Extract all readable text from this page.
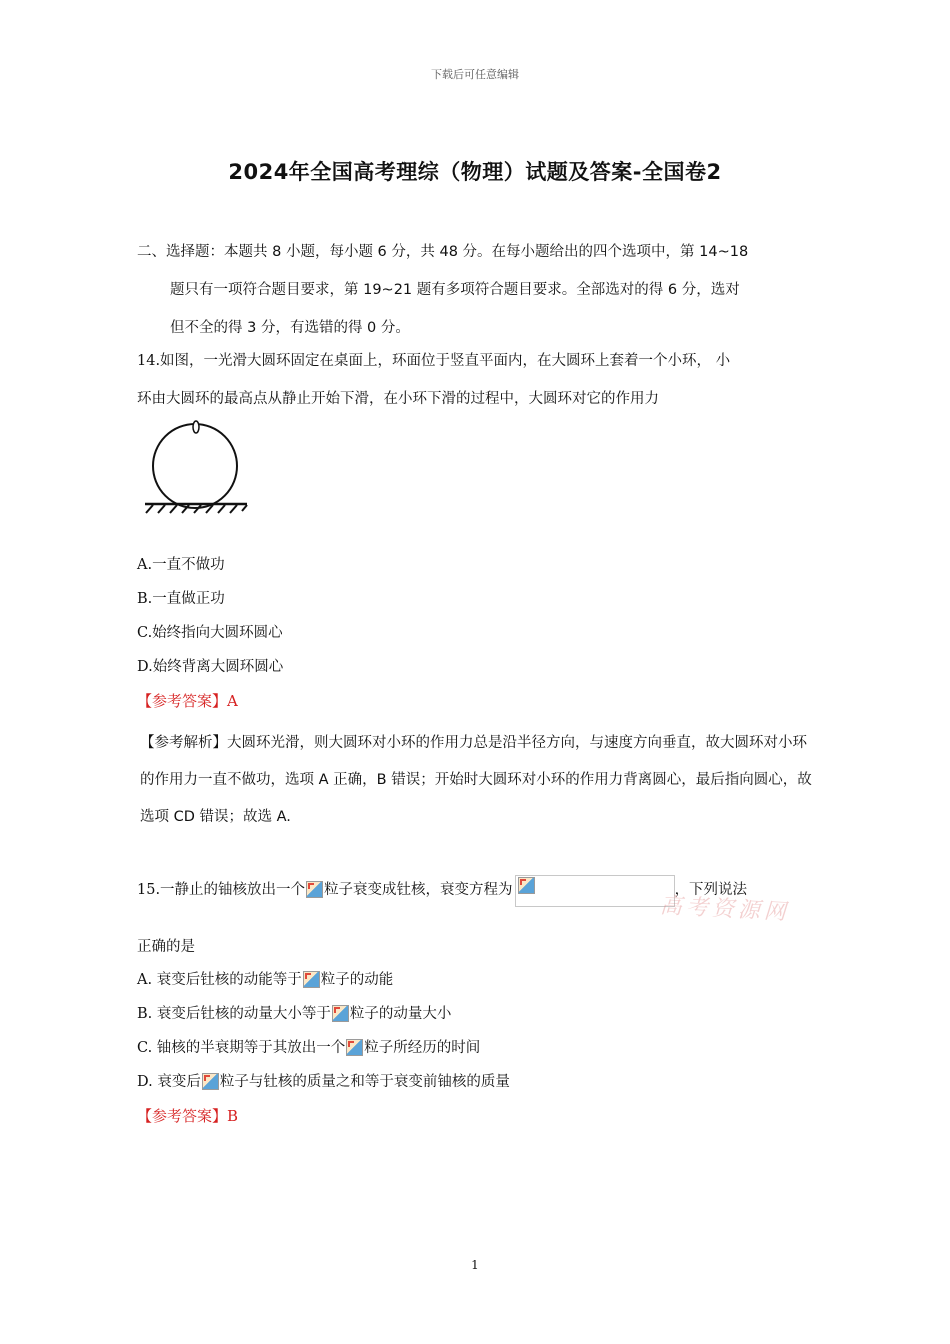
下载后可任意编辑
2024年全国高考理综（物理）试题及答案-全国卷2
二、选择题：本题共 8 小题，每小题 6 分，共 48 分。在每小题给出的四个选项中，第 14~18
题只有一项符合题目要求，第 19~21 题有多项符合题目要求。全部选对的得 6 分，选对
但不全的得 3 分，有选错的得 0 分。
14.如图，一光滑大圆环固定在桌面上，环面位于竖直平面内，在大圆环上套着一个小环， 小
环由大圆环的最高点从静止开始下滑，在小环下滑的过程中，大圆环对它的作用力
A.一直不做功
B.一直做正功
C.始终指向大圆环圆心
D.始终背离大圆环圆心
【参考答案】A
【参考解析】大圆环光滑，则大圆环对小环的作用力总是沿半径方向，与速度方向垂直，故大圆环对小环
的作用力一直不做功，选项 A 正确，B 错误；开始时大圆环对小环的作用力背离圆心，最后指向圆心，故
选项 CD 错误；故选 A.
15.一静止的铀核放出一个 粒子衰变成钍核，衰变方程为	，下列说法
高考资源网
正确的是
A. 衰变后钍核的动能等于 粒子的动能
B. 衰变后钍核的动量大小等于 粒子的动量大小
C. 铀核的半衰期等于其放出一个 粒子所经历的时间
D. 衰变后 粒子与钍核的质量之和等于衰变前铀核的质量
【参考答案】B
1
